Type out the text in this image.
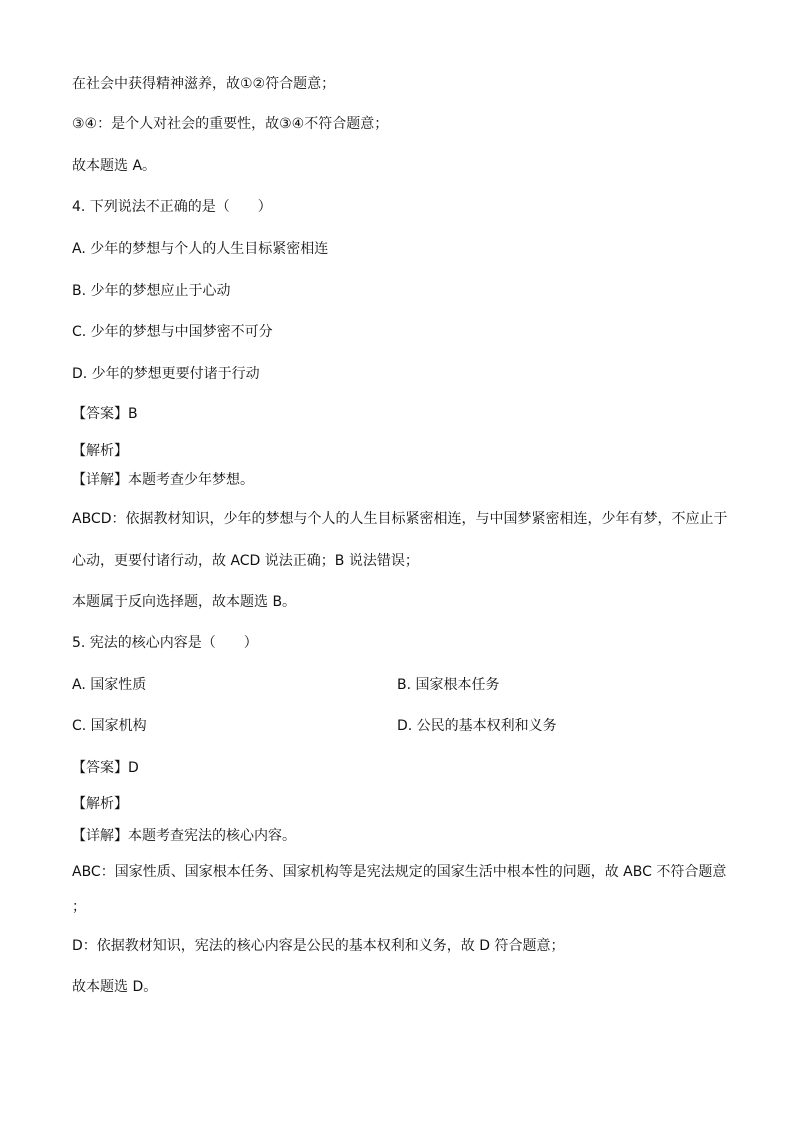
在社会中获得精神滋养，故①②符合题意；
③④：是个人对社会的重要性，故③④不符合题意；
故本题选 A。
4. 下列说法不正确的是（　　）
A. 少年的梦想与个人的人生目标紧密相连
B. 少年的梦想应止于心动
C. 少年的梦想与中国梦密不可分
D. 少年的梦想更要付诸于行动
【答案】B
【解析】
【详解】本题考查少年梦想。
ABCD：依据教材知识，少年的梦想与个人的人生目标紧密相连，与中国梦紧密相连，少年有梦，不应止于
心动，更要付诸行动，故 ACD 说法正确；B 说法错误；
本题属于反向选择题，故本题选 B。
5. 宪法的核心内容是（　　）
A. 国家性质	B. 国家根本任务
C. 国家机构	D. 公民的基本权利和义务
【答案】D
【解析】
【详解】本题考查宪法的核心内容。
ABC：国家性质、国家根本任务、国家机构等是宪法规定的国家生活中根本性的问题，故 ABC 不符合题意
；
D：依据教材知识，宪法的核心内容是公民的基本权利和义务，故 D 符合题意；
故本题选 D。
